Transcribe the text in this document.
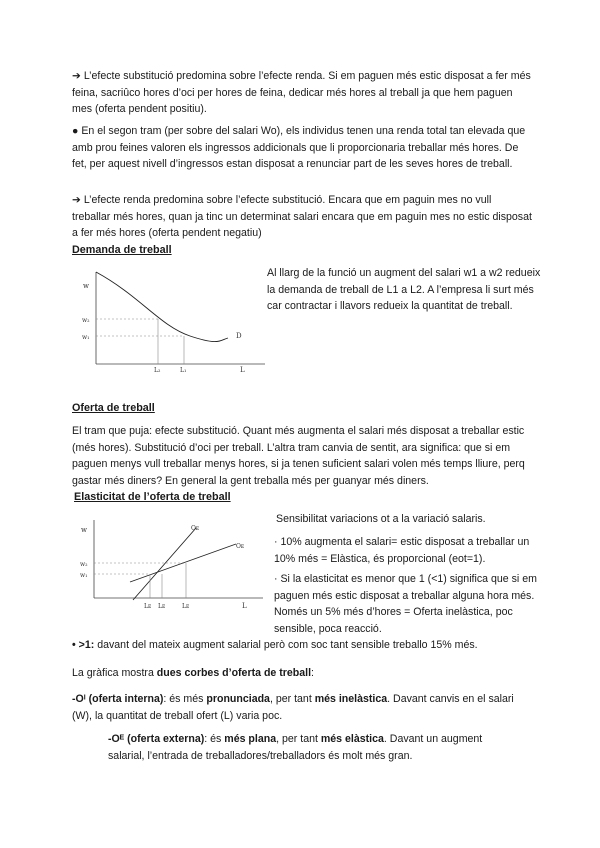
➔ L’efecte substitució predomina sobre l’efecte renda. Si em paguen més estic disposat a fer més feina, sacriûco hores d’oci per hores de feina, dedicar més hores al treball ja que hem paguen mes (oferta pendent positiu).

● En el segon tram (per sobre del salari Wo), els individus tenen una renda total tan elevada que amb prou feines valoren els ingressos addicionals que li proporcionaria treballar més hores. De fet, per aquest nivell d’ingressos estan disposat a renunciar part de les seves hores de treball.

➔ L’efecte renda predomina sobre l’efecte substitució. Encara que em paguin mes no vull treballar més hores, quan ja tinc un determinat salari encara que em paguin mes no estic disposat a fer més hores (oferta pendent negatiu)

Demanda de treball
w
w₂
w₁	D
L₂	L₁	L

Al llarg de la funció un augment del salari w1 a w2 redueix la demanda de treball de L1 a L2. A l’empresa li surt més car contractar i llavors redueix la quantitat de treball.

Oferta de treball

El tram que puja: efecte substitució. Quant més augmenta el salari més disposat a treballar estic (més hores). Substitució d’oci per treball. L’altra tram canvia de sentit, ara significa: que si em paguen menys vull treballar menys hores, si ja tenen suficient salari volen més temps lliure, perq gastar més diners? En general la gent treballa més per guanyar més diners.

Elasticitat de l’oferta de treball
w
w₂
w₁
Oᴇ
Oᴇ
Lᴇ Lᴇ	Lᴇ	L

Sensibilitat variacions ot a la variació salaris.

· 10% augmenta el salari= estic disposat a treballar un 10% més = Elàstica, és proporcional (eot=1).

· Si la elasticitat es menor que 1 (<1) significa que si em paguen més estic disposat a treballar alguna hora més. Només un 5% més d’hores = Oferta inelàstica, poc sensible, poca reacció.

• >1: davant del mateix augment salarial però com soc tant sensible treballo 15% més.

La gràfica mostra dues corbes d’oferta de treball:

-Oᴵ (oferta interna): és més pronunciada, per tant més inelàstica. Davant canvis en el salari (W), la quantitat de treball ofert (L) varia poc.

-Oᴱ (oferta externa): és més plana, per tant més elàstica. Davant un augment salarial, l’entrada de treballadores/treballadors és molt més gran.
